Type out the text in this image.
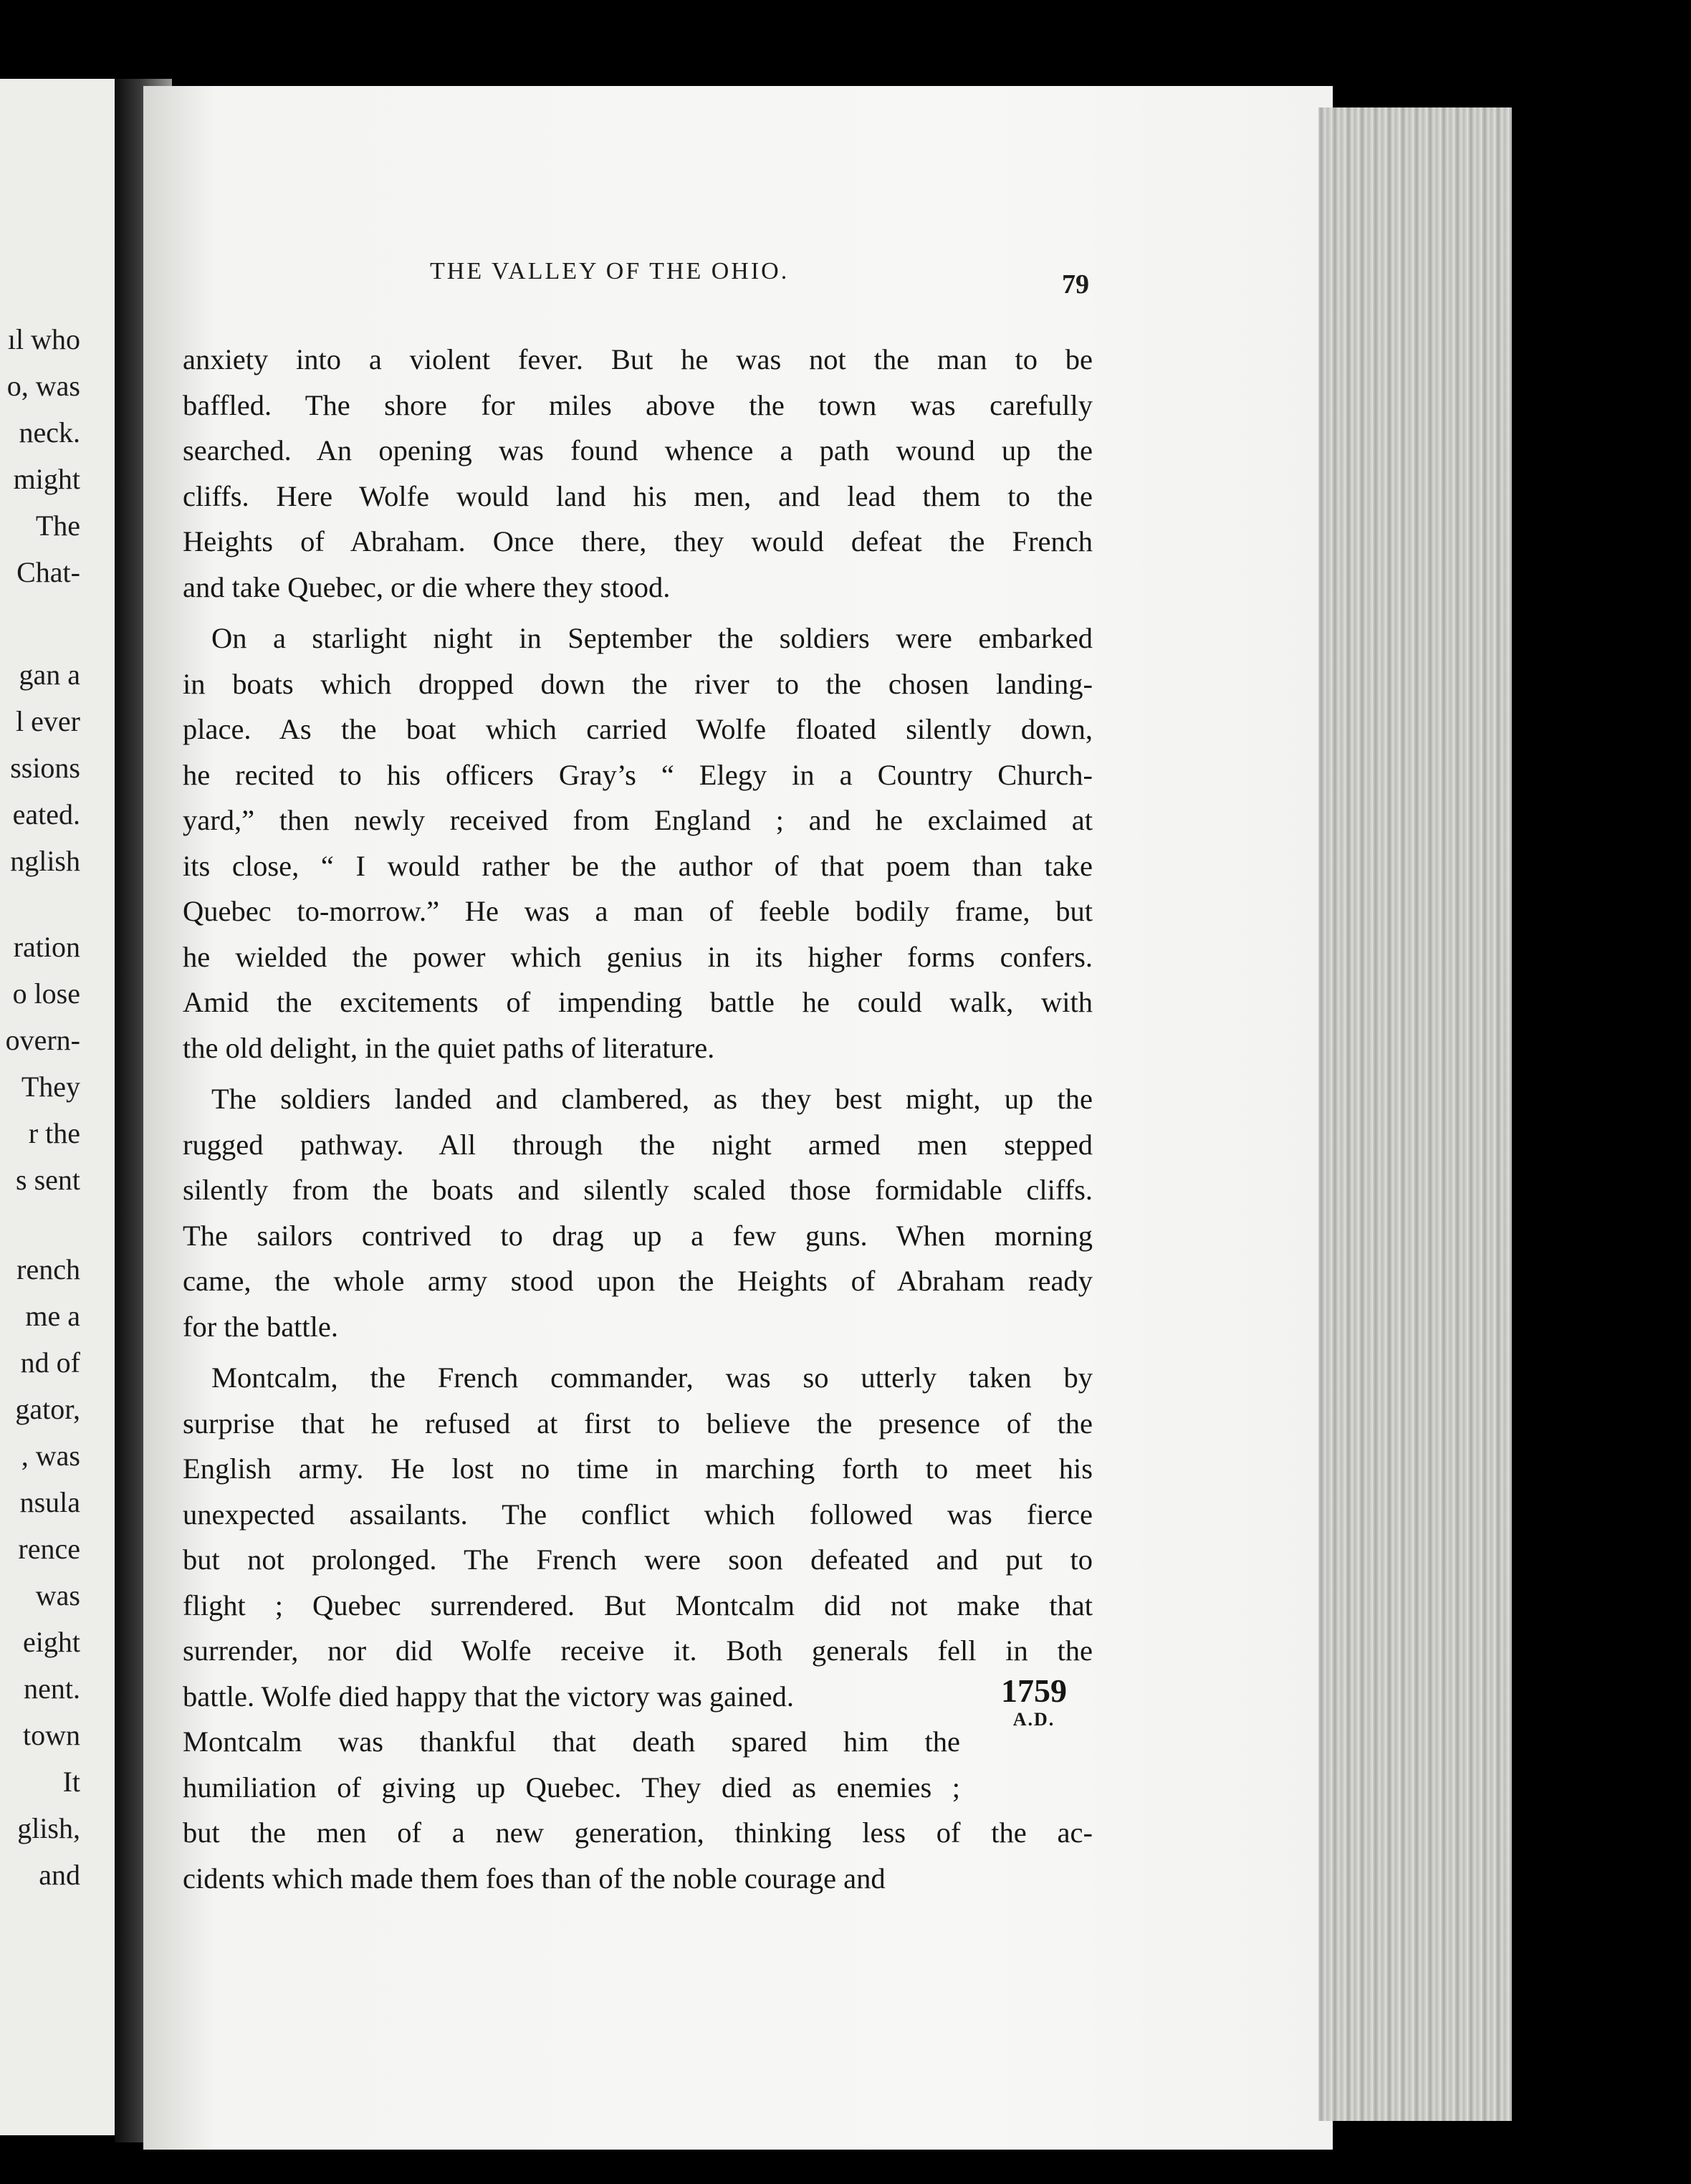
ıl who
o, was
neck.
might
The
Chat-
gan a
l ever
ssions
eated.
nglish
ration
o lose
overn-
They
r the
s sent
rench
me a
nd of
gator,
, was
nsula
rence
was
eight
nent.
town
It
glish,
and
THE VALLEY OF THE OHIO.	79
anxiety into a violent fever. But he was not the man to be
baffled. The shore for miles above the town was carefully
searched. An opening was found whence a path wound up the
cliffs. Here Wolfe would land his men, and lead them to the
Heights of Abraham. Once there, they would defeat the French
and take Quebec, or die where they stood.
On a starlight night in September the soldiers were embarked
in boats which dropped down the river to the chosen landing-
place. As the boat which carried Wolfe floated silently down,
he recited to his officers Gray’s “ Elegy in a Country Church-
yard,” then newly received from England ; and he exclaimed at
its close, “ I would rather be the author of that poem than take
Quebec to-morrow.” He was a man of feeble bodily frame, but
he wielded the power which genius in its higher forms confers.
Amid the excitements of impending battle he could walk, with
the old delight, in the quiet paths of literature.
The soldiers landed and clambered, as they best might, up the
rugged pathway. All through the night armed men stepped
silently from the boats and silently scaled those formidable cliffs.
The sailors contrived to drag up a few guns. When morning
came, the whole army stood upon the Heights of Abraham ready
for the battle.
Montcalm, the French commander, was so utterly taken by
surprise that he refused at first to believe the presence of the
English army. He lost no time in marching forth to meet his
unexpected assailants. The conflict which followed was fierce
but not prolonged. The French were soon defeated and put to
flight ; Quebec surrendered. But Montcalm did not make that
surrender, nor did Wolfe receive it. Both generals fell in the
battle. Wolfe died happy that the victory was gained.
Montcalm was thankful that death spared him the
humiliation of giving up Quebec. They died as enemies ;
but the men of a new generation, thinking less of the ac-
cidents which made them foes than of the noble courage and
1759
A.D.
